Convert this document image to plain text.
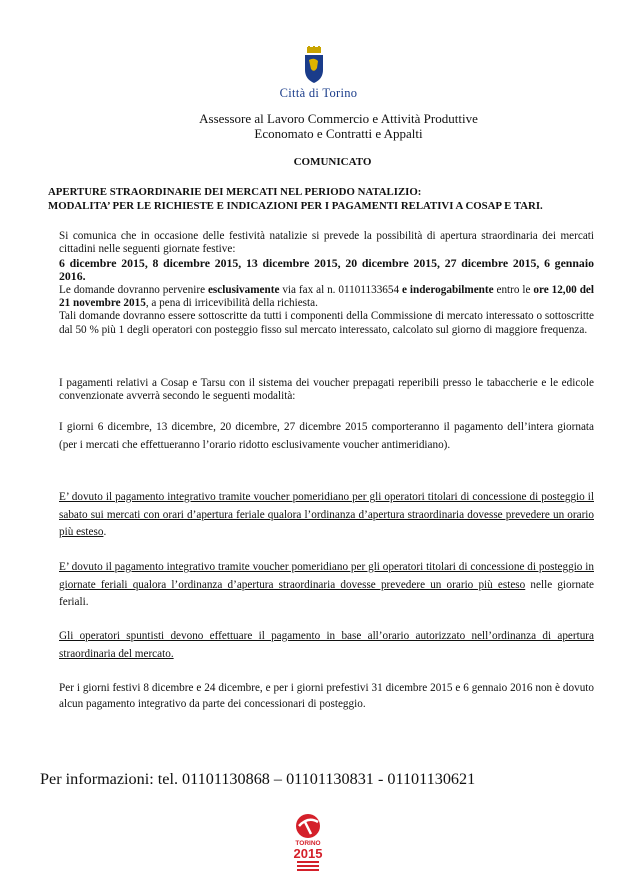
Città di Torino
Assessore al Lavoro Commercio e Attività Produttive
Economato e Contratti e Appalti
COMUNICATO
APERTURE STRAORDINARIE DEI MERCATI NEL PERIODO NATALIZIO:
MODALITA’ PER LE RICHIESTE E INDICAZIONI PER I PAGAMENTI RELATIVI A COSAP E TARI.

Si comunica che in occasione delle festività natalizie si prevede la possibilità di apertura straordinaria dei mercati cittadini nelle seguenti giornate festive:

6 dicembre 2015, 8 dicembre 2015, 13 dicembre 2015, 20 dicembre 2015, 27 dicembre 2015, 6 gennaio 2016.

Le domande dovranno pervenire esclusivamente via fax al n. 01101133654 e inderogabilmente entro le ore 12,00 del 21 novembre 2015, a pena di irricevibilità della richiesta.

Tali domande dovranno essere sottoscritte da tutti i componenti della Commissione di mercato interessato o sottoscritte dal 50 % più 1 degli operatori con posteggio fisso sul mercato interessato, calcolato sul giorno di maggiore frequenza.

I pagamenti relativi a Cosap e Tarsu con il sistema dei voucher prepagati reperibili presso le tabaccherie e le edicole convenzionate avverrà secondo le seguenti modalità:
I giorni 6 dicembre, 13 dicembre, 20 dicembre, 27 dicembre 2015 comporteranno il pagamento dell’intera giornata (per i mercati che effettueranno l’orario ridotto esclusivamente voucher antimeridiano).
E’ dovuto il pagamento integrativo tramite voucher pomeridiano per gli operatori titolari di concessione di posteggio il sabato sui mercati con orari d’apertura feriale qualora l’ordinanza d’apertura straordinaria dovesse prevedere un orario più esteso.
E’ dovuto il pagamento integrativo tramite voucher pomeridiano per gli operatori titolari di concessione di posteggio in giornate feriali qualora l’ordinanza d’apertura straordinaria dovesse prevedere un orario più esteso nelle giornate feriali.
Gli operatori spuntisti devono effettuare il pagamento in base all’orario autorizzato nell’ordinanza di apertura straordinaria del mercato.
Per i giorni festivi 8 dicembre e 24 dicembre, e per i giorni prefestivi 31 dicembre 2015 e 6 gennaio 2016 non è dovuto alcun pagamento integrativo da parte dei concessionari di posteggio.
Per informazioni: tel. 01101130868 – 01101130831 - 01101130621
TORINO
2015
